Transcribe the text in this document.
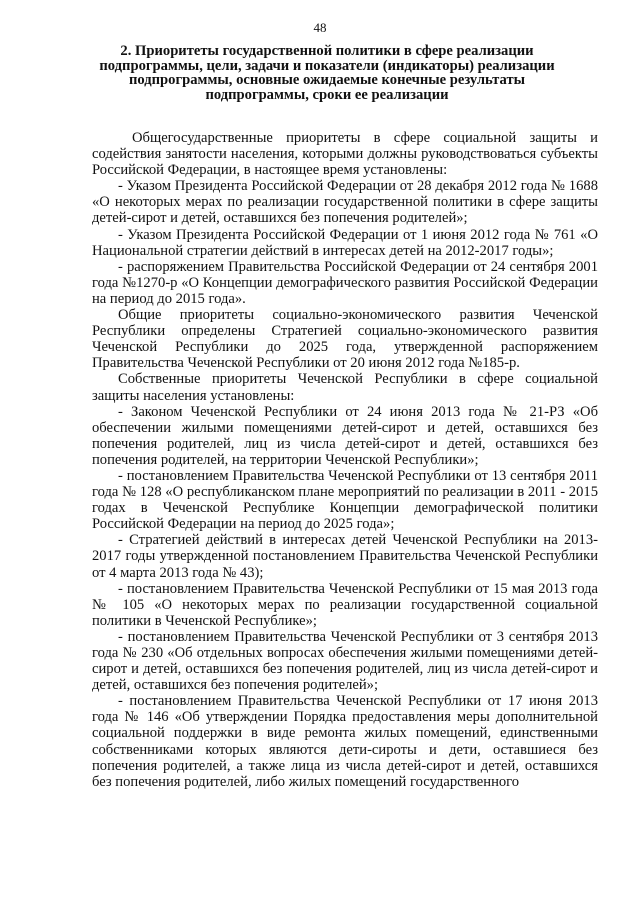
48
2. Приоритеты государственной политики в сфере реализации подпрограммы, цели, задачи и показатели (индикаторы) реализации подпрограммы, основные ожидаемые конечные результаты подпрограммы, сроки ее реализации

Общегосударственные приоритеты в сфере социальной защиты и содействия занятости населения, которыми должны руководствоваться субъекты Российской Федерации, в настоящее время установлены:

- Указом Президента Российской Федерации от 28 декабря 2012 года № 1688 «О некоторых мерах по реализации государственной политики в сфере защиты детей-сирот и детей, оставшихся без попечения родителей»;

- Указом Президента Российской Федерации от 1 июня 2012 года № 761 «О Национальной стратегии действий в интересах детей на 2012-2017 годы»;

- распоряжением Правительства Российской Федерации от 24 сентября 2001 года №1270-р «О Концепции демографического развития Российской Федерации на период до 2015 года».

Общие приоритеты социально-экономического развития Чеченской Республики определены Стратегией социально-экономического развития Чеченской Республики до 2025 года, утвержденной распоряжением Правительства Чеченской Республики от 20 июня 2012 года №185-р.

Собственные приоритеты Чеченской Республики в сфере социальной защиты населения установлены:

- Законом Чеченской Республики от 24 июня 2013 года № 21-РЗ «Об обеспечении жилыми помещениями детей-сирот и детей, оставшихся без попечения родителей, лиц из числа детей-сирот и детей, оставшихся без попечения родителей, на территории Чеченской Республики»;

- постановлением Правительства Чеченской Республики от 13 сентября 2011 года № 128 «О республиканском плане мероприятий по реализации в 2011 - 2015 годах в Чеченской Республике Концепции демографической политики Российской Федерации на период до 2025 года»;

- Стратегией действий в интересах детей Чеченской Республики на 2013-2017 годы утвержденной постановлением Правительства Чеченской Республики от 4 марта 2013 года № 43);

- постановлением Правительства Чеченской Республики от 15 мая 2013 года № 105 «О некоторых мерах по реализации государственной социальной политики в Чеченской Республике»;

- постановлением Правительства Чеченской Республики от 3 сентября 2013 года № 230 «Об отдельных вопросах обеспечения жилыми помещениями детей-сирот и детей, оставшихся без попечения родителей, лиц из числа детей-сирот и детей, оставшихся без попечения родителей»;

- постановлением Правительства Чеченской Республики от 17 июня 2013 года № 146 «Об утверждении Порядка предоставления меры дополнительной социальной поддержки в виде ремонта жилых помещений, единственными собственниками которых являются дети-сироты и дети, оставшиеся без попечения родителей, а также лица из числа детей-сирот и детей, оставшихся без попечения родителей, либо жилых помещений государственного
